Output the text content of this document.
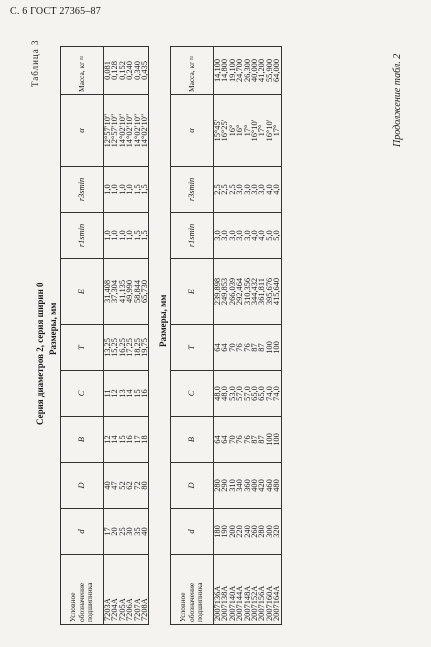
С. 6 ГОСТ 27365–87
Продолжение табл. 2
Размеры, мм
Условное обозначение подшипника	d	D	B	C	T	E	r1smin	r3smin	α	Масса, кг ≈
2007136A	180	280	64	48,0	64	239,898	3,0	2,5	15°45′	14,100
2007138A	190	290	64	48,0	64	249,853	3,0	2,5	16°25′	14,800
2007140A	200	310	70	53,0	70	266,039	3,0	2,5	16°	19,100
2007144A	220	340	76	57,0	76	292,464	3,0	3,0	16°	24,700
2007148A	240	360	76	57,0	76	310,356	3,0	3,0	17°	26,300
2007152A	260	400	87	65,0	87	344,432	4,0	3,0	16°10′	40,000
2007156A	280	420	87	65,0	87	361,811	4,0	3,0	17°	41,200
2007160A	300	460	100	74,0	100	395,676	5,0	4,0	16°10′	55,900
2007164A	320	480	100	74,0	100	415,640	5,0	4,0	17°	64,000
Таблица 3
Серия диаметров 2, серия ширин 0 Размеры, мм
Условное обозначение подшипника	d	D	B	C	T	E	r1smin	r3smin	α	Масса, кг ≈
7203A	17	40	12	11	13,25	31,408	1,0	1,0	12°57′10″	0,081
7204A	20	47	14	12	15,25	37,304	1,0	1,0	12°57′10″	0,128
7205A	25	52	15	13	16,25	41,135	1,0	1,0	14°02′10″	0,152
7206A	30	62	16	14	17,25	49,990	1,0	1,0	14°02′10″	0,240
7207A	35	72	17	15	18,25	58,844	1,5	1,5	14°02′10″	0,340
7208A	40	80	18	16	19,75	65,730	1,5	1,5	14°02′10″	0,435
